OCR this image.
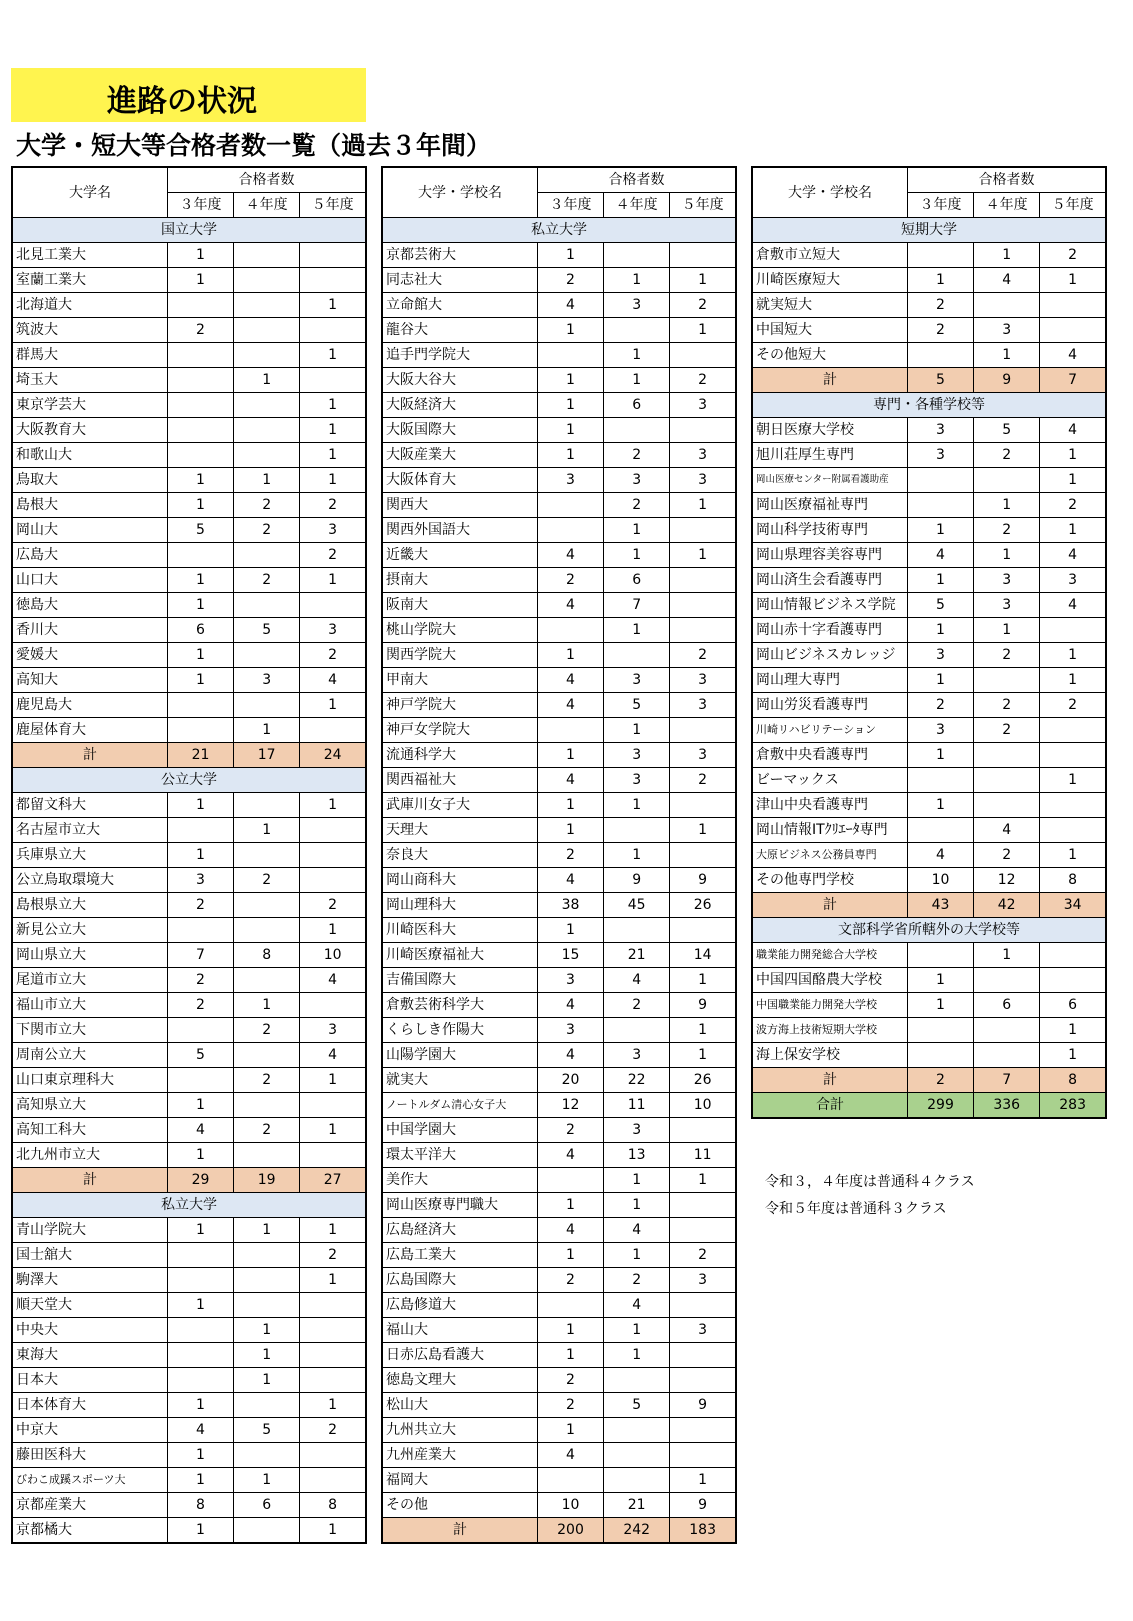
進路の状況
大学・短大等合格者数一覧（過去３年間）
大学名	合格者数		
	３年度	４年度	５年度
国立大学			
北見工業大	1		
室蘭工業大	1		
北海道大			1
筑波大	2		
群馬大			1
埼玉大		1	
東京学芸大			1
大阪教育大			1
和歌山大			1
鳥取大	1	1	1
島根大	1	2	2
岡山大	5	2	3
広島大			2
山口大	1	2	1
徳島大	1		
香川大	6	5	3
愛媛大	1		2
高知大	1	3	4
鹿児島大			1
鹿屋体育大		1	
計	21	17	24
公立大学			
都留文科大	1		1
名古屋市立大		1	
兵庫県立大	1		
公立鳥取環境大	3	2	
島根県立大	2		2
新見公立大			1
岡山県立大	7	8	10
尾道市立大	2		4
福山市立大	2	1	
下関市立大		2	3
周南公立大	5		4
山口東京理科大		2	1
高知県立大	1		
高知工科大	4	2	1
北九州市立大	1		
計	29	19	27
私立大学			
青山学院大	1	1	1
国士舘大			2
駒澤大			1
順天堂大	1		
中央大		1	
東海大		1	
日本大		1	
日本体育大	1		1
中京大	4	5	2
藤田医科大	1		
びわこ成蹊スポーツ大	1	1	
京都産業大	8	6	8
京都橘大	1		1
大学・学校名	合格者数		
	３年度	４年度	５年度
私立大学			
京都芸術大	1		
同志社大	2	1	1
立命館大	4	3	2
龍谷大	1		1
追手門学院大		1	
大阪大谷大	1	1	2
大阪経済大	1	6	3
大阪国際大	1		
大阪産業大	1	2	3
大阪体育大	3	3	3
関西大		2	1
関西外国語大		1	
近畿大	4	1	1
摂南大	2	6	
阪南大	4	7	
桃山学院大		1	
関西学院大	1		2
甲南大	4	3	3
神戸学院大	4	5	3
神戸女学院大		1	
流通科学大	1	3	3
関西福祉大	4	3	2
武庫川女子大	1	1	
天理大	1		1
奈良大	2	1	
岡山商科大	4	9	9
岡山理科大	38	45	26
川崎医科大	1		
川崎医療福祉大	15	21	14
吉備国際大	3	4	1
倉敷芸術科学大	4	2	9
くらしき作陽大	3		1
山陽学園大	4	3	1
就実大	20	22	26
ノートルダム清心女子大	12	11	10
中国学園大	2	3	
環太平洋大	4	13	11
美作大		1	1
岡山医療専門職大	1	1	
広島経済大	4	4	
広島工業大	1	1	2
広島国際大	2	2	3
広島修道大		4	
福山大	1	1	3
日赤広島看護大	1	1	
徳島文理大	2		
松山大	2	5	9
九州共立大	1		
九州産業大	4		
福岡大			1
その他	10	21	9
計	200	242	183
大学・学校名	合格者数		
	３年度	４年度	５年度
短期大学			
倉敷市立短大		1	2
川崎医療短大	1	4	1
就実短大	2		
中国短大	2	3	
その他短大		1	4
計	5	9	7
専門・各種学校等			
朝日医療大学校	3	5	4
旭川荘厚生専門	3	2	1
岡山医療センター附属看護助産			1
岡山医療福祉専門		1	2
岡山科学技術専門	1	2	1
岡山県理容美容専門	4	1	4
岡山済生会看護専門	1	3	3
岡山情報ビジネス学院	5	3	4
岡山赤十字看護専門	1	1	
岡山ビジネスカレッジ	3	2	1
岡山理大専門	1		1
岡山労災看護専門	2	2	2
川崎リハビリテーション	3	2	
倉敷中央看護専門	1		
ビーマックス			1
津山中央看護専門	1		
岡山情報ITｸﾘｴｰﾀ専門		4	
大原ビジネス公務員専門	4	2	1
その他専門学校	10	12	8
計	43	42	34
文部科学省所轄外の大学校等			
職業能力開発総合大学校		1	
中国四国酪農大学校	1		
中国職業能力開発大学校	1	6	6
波方海上技術短期大学校			1
海上保安学校			1
計	2	7	8
合計	299	336	283
令和３，４年度は普通科４クラス
令和５年度は普通科３クラス
